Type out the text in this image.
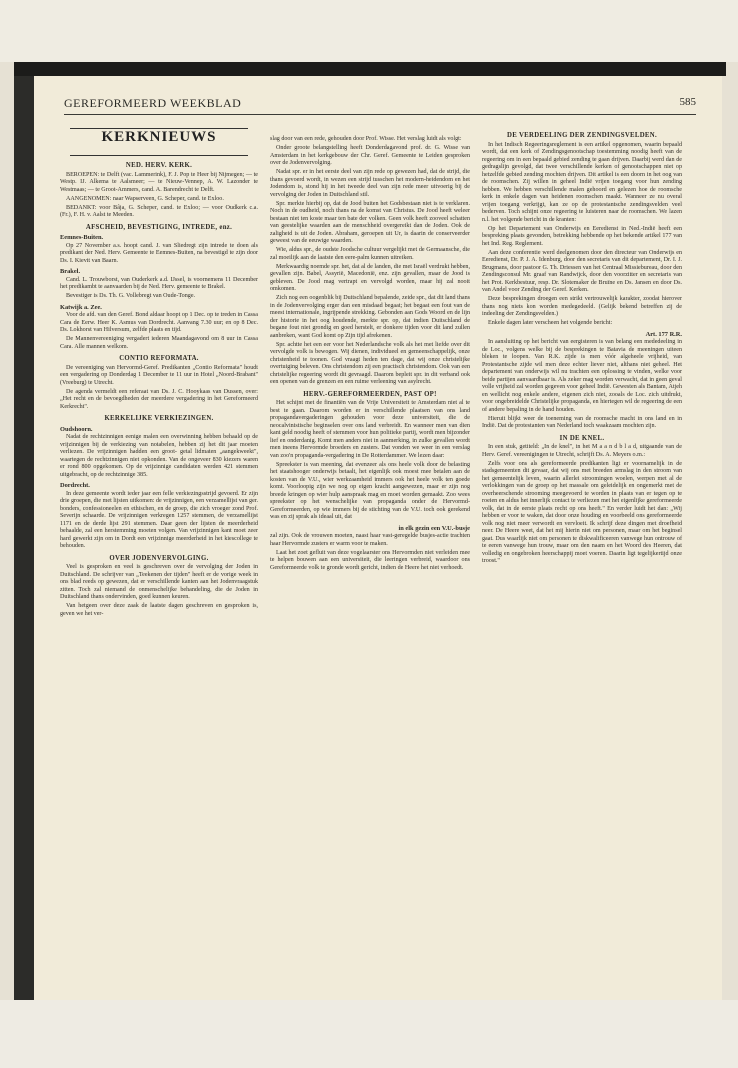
GEREFORMEERD WEEKBLAD	585
KERKNIEUWS
NED. HERV. KERK.

BEROEPEN: te Delft (vac. Lammerink), F. J. Pop te Heer bij Nijmegen; — te Westp. IJ. Alkema te Aalsmeer; — te Nieuw-Vennep, A. W. Lazonder te Westmaas; — te Groot-Ammers, cand. A. Barendrecht te Delft.

AANGENOMEN: naar Wapserveen, G. Scheper, cand. te Exloo.

BEDANKT: voor Bâja, G. Scheper, cand. te Exloo; — voor Oudkerk c.a. (Fr.), F. H. v. Aalst te Meeden.

AFSCHEID, BEVESTIGING, INTREDE, enz.
Eemnes-Buiten.

Op 27 November a.s. hoopt cand. J. van Sliedregt zijn intrede te doen als predikant der Ned. Herv. Gemeente te Eemnes-Buiten, na bevestigd te zijn door Ds. I. Kievit van Baarn.

Brakel.

Cand. L. Trouwborst, van Ouderkerk a.d. IJssel, is voornemens 11 December het predikambt te aanvaarden bij de Ned. Herv. gemeente te Brakel.

Bevestiger is Ds. Th. G. Vollebregt van Oude-Tonge.

Katwijk a. Zee.

Voor de afd. van den Geref. Bond aldaar hoopt op 1 Dec. op te treden in Cassa Cara de Eerw. Heer K. Asmus van Dordrecht. Aanvang 7.30 uur; en op 8 Dec. Ds. Lokhorst van Hilversum, zelfde plaats en tijd.

De Mannenvereeniging vergadert iederen Maandagavond om 8 uur in Cassa Cara. Alle mannen welkom.

CONTIO REFORMATA.

De vereeniging van Hervormd-Geref. Predikanten „Contio Reformata" houdt een vergadering op Donderdag 1 December te 11 uur in Hotel „Noord-Brabant" (Vreeburg) te Utrecht.

De agenda vermeldt een referaat van Ds. J. C. Hooykaas van Dussen, over: „Het recht en de bevoegdheden der meerdere vergadering in het Gereformeerd Kerkrecht".

KERKELIJKE VERKIEZINGEN.
Oudshoorn.

Nadat de rechtzinnigen eenige malen een overwinning hebben behaald op de vrijzinnigen bij de verkiezing van notabelen, hebben zij het dit jaar moeten verliezen. De vrijzinnigen hadden een groot- getal lidmaten „aangekweekt", waartegen de rechtzinnigen niet opkonden. Van de ongeveer 830 kiezers waren er rond 800 opgekomen. Op de vrijzinnige candidaten werden 421 stemmen uitgebracht, op de rechtzinnige 385.

Dordrecht.

In deze gemeente wordt ieder jaar een felle verkiezingsstrijd gevoerd. Er zijn drie groepen, die met lijsten uitkomen: de vrijzinnigen, een verzamellijst van ger. bonders, confessioneelen en ethischen, en de groep, die zich vroeger zond Prof. Severijn schaarde. De vrijzinnigen verkregen 1257 stemmen, de verzamellijst 1171 en de derde lijst 291 stemmen. Daar geen der lijsten de meerderheid behaalde, zal een herstemming moeten volgen. Van vrijzinnigen kant moet zeer hard gewerkt zijn om in Dordt een vrijzinnige meerderheid in het kiescollege te behouden.

OVER JODENVERVOLGING.

Veel is gesproken en veel is geschreven over de vervolging der Joden in Duitschland. De schrijver van „Teekenen der tijden" heeft er de vorige week in ons blad reeds op gewezen, dat er verschillende kanten aan het Jodenvraagstuk zitten. Toch zal niemand de onmenschelijke behandeling, die de Joden in Duitschland thans ondervinden, goed kunnen keuren.

Van hetgeen over deze zaak de laatste dagen geschreven en gesproken is, geven we het ver-

slag door van een rede, gehouden door Prof. Wisse. Het verslag luidt als volgt:

Onder groote belangstelling heeft Donderdagavond prof. dr. G. Wisse van Amsterdam in het kerkgebouw der Chr. Geref. Gemeente te Leiden gesproken over de Jodenvervolging.

Nadat spr. er in het eerste deel van zijn rede op gewezen had, dat de strijd, die thans gevoerd wordt, in wezen een strijd tusschen het modern-heidendom en het Jodendom is, stond hij in het tweede deel van zijn rede meer uitvoerig bij de vervolging der Joden in Duitschland stil.

Spr. merkte hierbij op, dat de Jood buiten het Godsbestaan niet is te verklaren. Noch in de oudheid, noch thans na de komst van Christus. De Jood heeft weleer bestaan niet ten koste maar ten bate der volken. Geen volk heeft zooveel schatten van geestelijke waarden aan de menschheid overgereikt dan de Joden. Ook de zaligheid is uit de Joden. Abraham, geroepen uit Ur, is daarin de conserveerder geweest van de eeuwige waarden.

Wie, aldus spr., de oudste Joodsche cultuur vergelijkt met de Germaansche, die zal moeilijk aan de laatste den eere-palm kunnen uitreiken.

Merkwaardig noemde spr. het, dat al de landen, die met Israël verdrukt hebben, gevallen zijn. Babel, Assyrië, Macedonië, enz. zijn gevallen, maar de Jood is gebleven. De Jood mag vertrapt en vervolgd worden, maar hij zal nooit omkomen.

Zich nog een oogenblik bij Duitschland bepalende, zeide spr., dat dit land thans in de Jodenvervolging erger dan een misdaad begaat; het begaat een fout van de meest internationale, ingrijpende strekking. Gebonden aan Gods Woord en de lijn der historie in het oog houdende, merkte spr. op, dat indien Duitschland de begane fout niet grondig en goed herstelt, er donkere tijden voor dit land zullen aanbreken, want God komt op Zijn tijd afrekenen.

Spr. achtte het een eer voor het Nederlandsche volk als het met liefde over dit vervolgde volk is bewogen. Wij dienen, individueel en gemeenschappelijk, onze christenheid te toonen. God vraagt heden ten dage, dat wij onze christelijke overtuiging beleven. Ons christendom zij een practisch christendom. Ook van een christelijke regeering wordt dit gevraagd. Daarom bepleit spr. in dit verband ook een openen van de grenzen en een ruime verleening van asylrecht.

HERV.-GEREFORMEERDEN, PAST OP!

Het schijnt met de finantiën van de Vrije Universiteit te Amsterdam niet al te best te gaan. Daarom worden er in verschillende plaatsen van ons land propagandavergaderingen gehouden voor deze universiteit, die de neocalvinistische beginselen over ons land verbreidt. En wanneer men van dien kant geld noodig heeft of stemmen voor hun politieke partij, wordt men bijzonder lief en onderdanig. Komt men anders niet in aanmerking, in zulke gevallen wordt men ineens Hervormde broeders en zusters. Dat vonden we weer in een verslag van zoo'n propaganda-vergadering in De Rotterdammer. We lezen daar:

Spreekster is van meening, dat evenzeer als ons heele volk door de belasting het staatshooger onderwijs betaalt, het eigenlijk ook moest mee betalen aan de kosten van de V.U., wier werkzaamheid immers ook het heele volk ten goede komt. Voorloopig zijn we nog op eigen kracht aangewezen, maar er zijn nog breede kringen op wier hulp aanspraak mag en moet worden gemaakt. Zoo wees spreekster op het wenschelijke van propaganda onder de Hervormd-Gereformeerden, op wie immers bij de stichting van de V.U. toch ook gerekend was en zij sprak als ideaal uit, dat

in elk gezin een V.U.-busje

zal zijn. Ook de vrouwen moeten, naast haar vast-geregelde busjes-actie trachten haar Hervormde zusters er warm voor te maken.

Laat het zoet gefluit van deze vogelaarster ons Hervormden niet verleiden mee te helpen bouwen aan een universiteit, die leeringen verbreid, waardoor ons Gereformeerde volk te gronde wordt gericht, indien de Heere het niet verhoedt.

DE VERDEELING DER ZENDINGSVELDEN.

In het Indisch Regeeringsreglement is een artikel opgenomen, waarin bepaald wordt, dat een kerk of Zendingsgenootschap toestemming noodig heeft van de regeering om in een bepaald gebied zending te gaan drijven. Daarbij werd dan de gedragslijn gevolgd, dat twee verschillende kerken of genootschappen niet op hetzelfde gebied zending mochten drijven. Dit artikel is een doorn in het oog van de roomschen. Zij willen in geheel Indië vrijen toegang voor hun zending hebben. We hebben verschillende malen gehoord en gelezen hoe de roomsche kerk in enkele dagen van heidenen roomschen maakt. Wanneer ze nu overal vrijen toegang verkrijgt, kan ze op de protestantsche zendingsvelden veel bederven. Toch schijnt onze regeering te luisteren naar de roomschen. We lazen n.l. het volgende bericht in de kranten:

Op het Departement van Onderwijs en Eeredienst in Ned.-Indië heeft een bespreking plaats gevonden, betrekking hebbende op het bekende artikel 177 van het Ind. Reg. Reglement.

Aan deze conferentie werd deelgenomen door den directeur van Onderwijs en Eeredienst, Dr. P. J. A. Idenburg, door den secretaris van dit departement, Dr. I. J. Brugmans, door pastoor G. Th. Driessen van het Centraal Missiebureau, door den Zendingsconsul Mr. graaf van Randwijck, door den voorzitter en secretaris van het Prot. Kerkbestuur, resp. Dr. Slotemaker de Bruïne en Ds. Jansen en door Ds. van Andel voor Zending der Geref. Kerken.

Deze besprekingen droegen een strikt vertrouwelijk karakter, zoodat hierover thans nog niets kon worden medegedeeld. (Gelijk bekend betreffen zij de indeeling der Zendingsvelden.)

Enkele dagen later verscheen het volgende bericht:

Art. 177 R.R.

In aansluiting op het bericht van eergisteren is van belang een mededeeling in de Loc., volgens welke bij de besprekingen te Batavia de meeningen uiteen bleken te loopen. Van R.K. zijde is men vóór algeheele vrijheid, van Protestantsche zijde wil men deze echter liever niet, althans niet geheel. Het departement van onderwijs wil nu trachten een oplossing te vinden, welke voor beide partijen aanvaardbaar is. Als zeker mag worden verwacht, dat in geen geval volle vrijheid zal worden gegeven voor geheel Indië. Gewesten als Bantam, Atjeh en wellicht nog enkele andere, eigenen zich niet, zooals de Loc. zich uitdrukt, voor ongebreidelde Christelijke propaganda, en hiertegen wil de regeering de een of andere bepaling in de hand houden.

Hieruit blijkt weer de toeneming van de roomsche macht in ons land en in Indië. Dat de protestanten van Nederland toch waakzaam mochten zijn.

IN DE KNEL.

In een stuk, getiteld: „In de knel", in het M a a n d b l a d, uitgaande van de Herv. Geref. vereenigingen te Utrecht, schrijft Ds. A. Meyers o.m.:

Zelfs voor ons als gereformeerde predikanten ligt er voornamelijk in de stadsgemeenten dit gevaar, dat wij ons met breeden armslag in den stroom van het gemeentelijk leven, waarin allerlei stroomingen woelen, werpen met al de verlokkingen van de groep op het massale om geleidelijk en ongemerkt met de overheerschende strooming meegevoerd te worden in plaats van er tegen op te roeien en aldus het innerlijk contact te verliezen met het eigenlijke gereformeerde volk, dat in de eerste plaats recht op ons heeft." En verder luidt het dan: „Wij hebben er voor te waken, dat door onze houding en voorbeeld ons gereformeerde volk nog niet meer verwordt en vervloeit. Ik schrijf deze dingen met droefheid neer. De Heere weet, dat het mij hierin niet om personen, maar om het beginsel gaat. Dus waarlijk niet om personen te diskwalificeeren vanwege hun ontrouw of te eeren vanwege hun trouw, maar om den naam en het Woord des Heeren, dat volledig en ongebroken heerschappij moet voeren. Daarin ligt tegelijkertijd onze troost."
